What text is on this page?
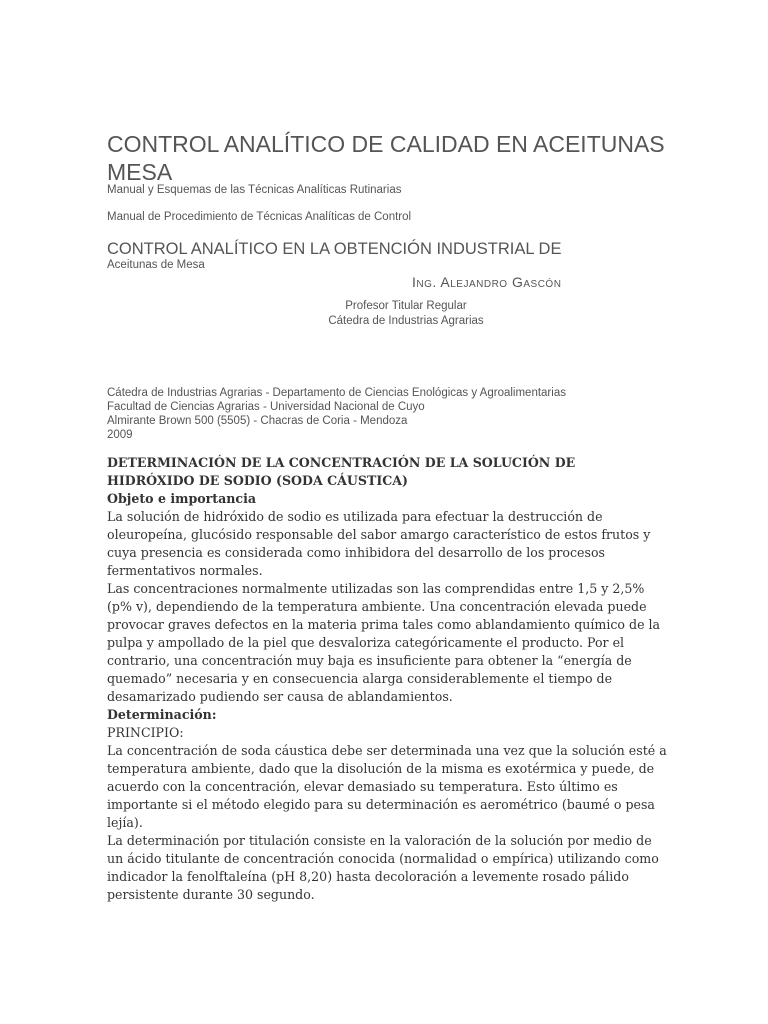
CONTROL ANALÍTICO DE CALIDAD EN ACEITUNAS MESA

Manual y Esquemas de las Técnicas Analíticas Rutinarias

Manual de Procedimiento de Técnicas Analíticas de Control

CONTROL ANALÍTICO EN LA OBTENCIÓN INDUSTRIAL DE

Aceitunas de Mesa

Ing. Alejandro Gascón

Profesor Titular Regular
Cátedra de Industrias Agrarias
Cátedra de Industrias Agrarias - Departamento de Ciencias Enológicas y Agroalimentarias
Facultad de Ciencias Agrarias - Universidad Nacional de Cuyo
Almirante Brown 500 (5505) - Chacras de Coria - Mendoza
2009

DETERMINACIÓN DE LA CONCENTRACIÓN DE LA SOLUCIÓN DE HIDRÓXIDO DE SODIO (SODA CÁUSTICA)

Objeto e importancia

La solución de hidróxido de sodio es utilizada para efectuar la destrucción de oleuropeína, glucósido responsable del sabor amargo característico de estos frutos y cuya presencia es considerada como inhibidora del desarrollo de los procesos fermentativos normales.

Las concentraciones normalmente utilizadas son las comprendidas entre 1,5 y 2,5% (p% v), dependiendo de la temperatura ambiente. Una concentración elevada puede provocar graves defectos en la materia prima tales como ablandamiento químico de la pulpa y ampollado de la piel que desvaloriza categóricamente el producto. Por el contrario, una concentración muy baja es insuficiente para obtener la “energía de quemado” necesaria y en consecuencia alarga considerablemente el tiempo de desamarizado pudiendo ser causa de ablandamientos.

Determinación:

PRINCIPIO:

La concentración de soda cáustica debe ser determinada una vez que la solución esté a temperatura ambiente, dado que la disolución de la misma es exotérmica y puede, de acuerdo con la concentración, elevar demasiado su temperatura. Esto último es importante si el método elegido para su determinación es aerométrico (baumé o pesa lejía).

La determinación por titulación consiste en la valoración de la solución por medio de un ácido titulante de concentración conocida (normalidad o empírica) utilizando como indicador la fenolftaleína (pH 8,20) hasta decoloración a levemente rosado pálido persistente durante 30 segundo.
